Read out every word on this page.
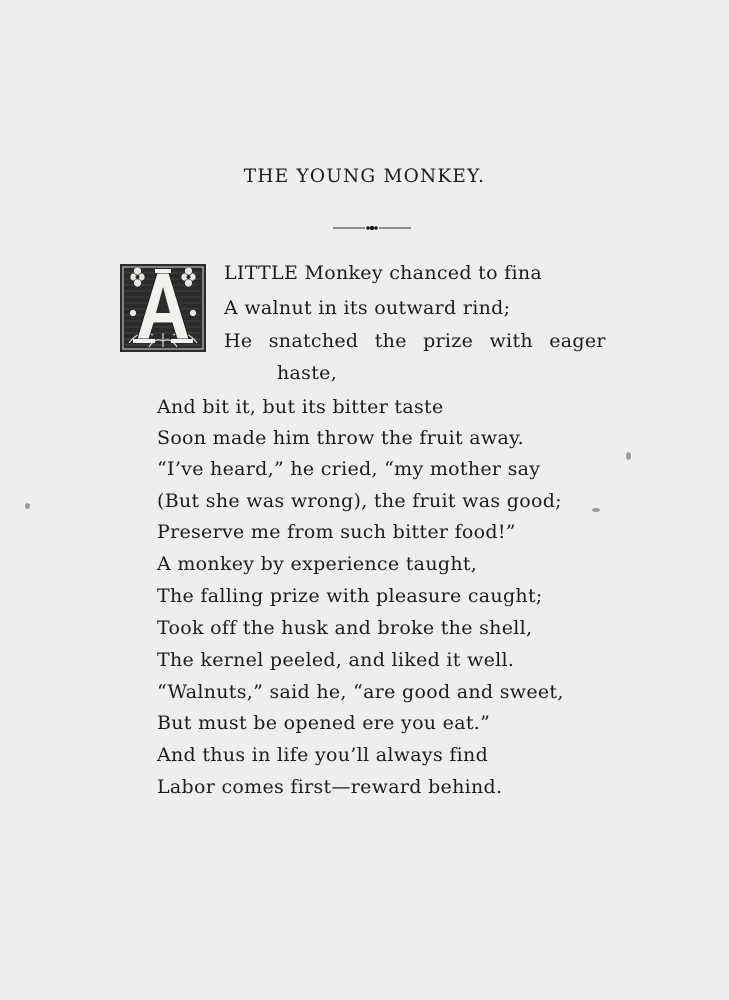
THE YOUNG MONKEY.
LITTLE Monkey chanced to fina
A walnut in its outward rind;
He snatched the prize with eager
haste,
And bit it, but its bitter taste
Soon made him throw the fruit away.
“I’ve heard,” he cried, “my mother say
(But she was wrong), the fruit was good;
Preserve me from such bitter food!”
A monkey by experience taught,
The falling prize with pleasure caught;
Took off the husk and broke the shell,
The kernel peeled, and liked it well.
“Walnuts,” said he, “are good and sweet,
But must be opened ere you eat.”
And thus in life you’ll always find
Labor comes first—reward behind.
